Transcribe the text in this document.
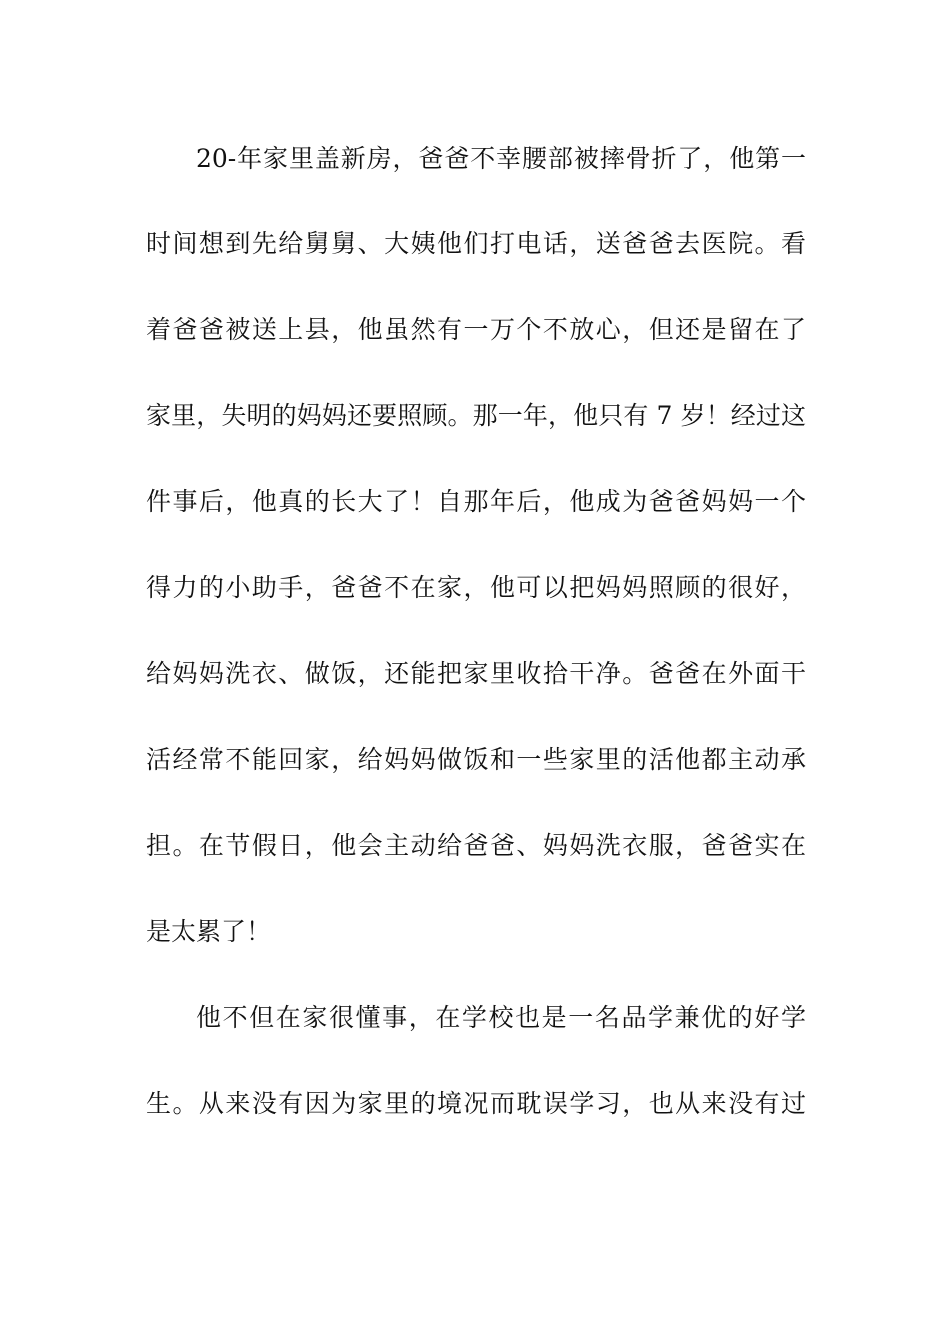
20-年家里盖新房，爸爸不幸腰部被摔骨折了，他第一
时间想到先给舅舅、大姨他们打电话，送爸爸去医院。看
着爸爸被送上县，他虽然有一万个不放心，但还是留在了
家里，失明的妈妈还要照顾。那一年，他只有 7 岁！经过这
件事后，他真的长大了！自那年后，他成为爸爸妈妈一个
得力的小助手，爸爸不在家，他可以把妈妈照顾的很好，
给妈妈洗衣、做饭，还能把家里收拾干净。爸爸在外面干
活经常不能回家，给妈妈做饭和一些家里的活他都主动承
担。在节假日，他会主动给爸爸、妈妈洗衣服，爸爸实在
是太累了！
他不但在家很懂事，在学校也是一名品学兼优的好学
生。从来没有因为家里的境况而耽误学习，也从来没有过
